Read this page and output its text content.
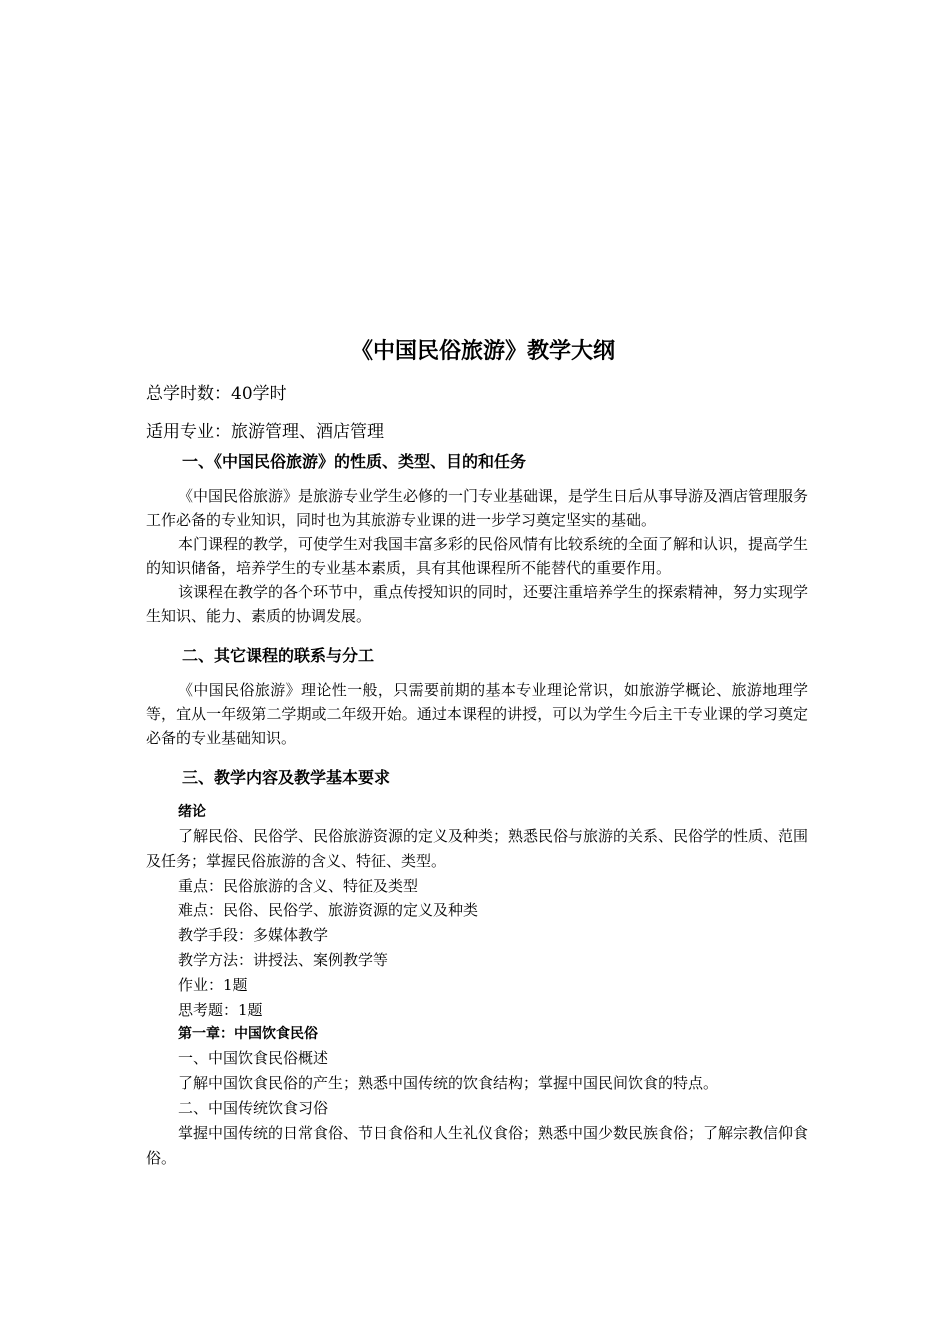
《中国民俗旅游》教学大纲
总学时数：40学时
适用专业：旅游管理、酒店管理
一、《中国民俗旅游》的性质、类型、目的和任务

《中国民俗旅游》是旅游专业学生必修的一门专业基础课，是学生日后从事导游及酒店管理服务工作必备的专业知识，同时也为其旅游专业课的进一步学习奠定坚实的基础。

本门课程的教学，可使学生对我国丰富多彩的民俗风情有比较系统的全面了解和认识，提高学生的知识储备，培养学生的专业基本素质，具有其他课程所不能替代的重要作用。

该课程在教学的各个环节中，重点传授知识的同时，还要注重培养学生的探索精神，努力实现学生知识、能力、素质的协调发展。

二、其它课程的联系与分工

《中国民俗旅游》理论性一般，只需要前期的基本专业理论常识，如旅游学概论、旅游地理学等，宜从一年级第二学期或二年级开始。通过本课程的讲授，可以为学生今后主干专业课的学习奠定必备的专业基础知识。

三、教学内容及教学基本要求

绪论

了解民俗、民俗学、民俗旅游资源的定义及种类；熟悉民俗与旅游的关系、民俗学的性质、范围及任务；掌握民俗旅游的含义、特征、类型。

重点：民俗旅游的含义、特征及类型

难点：民俗、民俗学、旅游资源的定义及种类

教学手段：多媒体教学

教学方法：讲授法、案例教学等

作业：1题

思考题：1题

第一章：中国饮食民俗

一、中国饮食民俗概述

了解中国饮食民俗的产生；熟悉中国传统的饮食结构；掌握中国民间饮食的特点。

二、中国传统饮食习俗

掌握中国传统的日常食俗、节日食俗和人生礼仪食俗；熟悉中国少数民族食俗；了解宗教信仰食俗。
